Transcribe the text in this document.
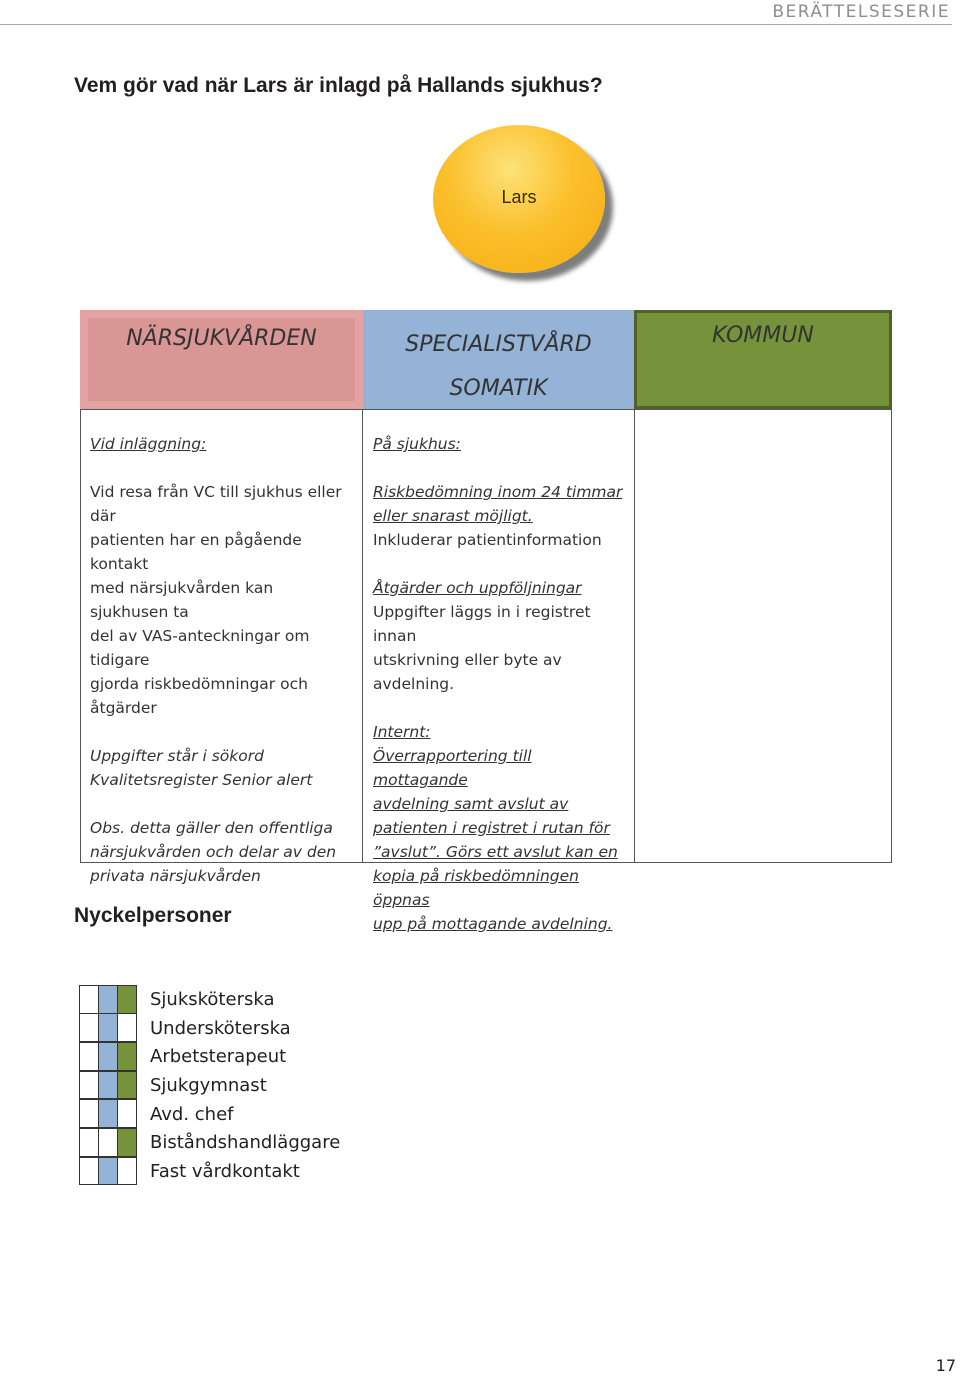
BERÄTTELSESERIE
Vem gör vad när Lars är inlagd på Hallands sjukhus?
Lars
NÄRSJUKVÅRDEN	SPECIALISTVÅRD
SOMATIK
KOMMUN

Vid inläggning:

Vid resa från VC till sjukhus eller där
patienten har en pågående kontakt
med närsjukvården kan sjukhusen ta
del av VAS-anteckningar om tidigare
gjorda riskbedömningar och
åtgärder

Uppgifter står i sökord
Kvalitetsregister Senior alert

Obs. detta gäller den offentliga
närsjukvården och delar av den
privata närsjukvården

På sjukhus:

Riskbedömning inom 24 timmar

eller snarast möjligt.

Inkluderar patientinformation

Åtgärder och uppföljningar

Uppgifter läggs in i registret innan
utskrivning eller byte av avdelning.

Internt:

Överrapportering till mottagande
avdelning samt avslut av
patienten i registret i rutan för
”avslut”. Görs ett avslut kan en
kopia på riskbedömningen öppnas
upp på mottagande avdelning.

Nyckelpersoner
Sjuksköterska
Undersköterska
Arbetsterapeut
Sjukgymnast
Avd. chef
Biståndshandläggare
Fast vårdkontakt
17
